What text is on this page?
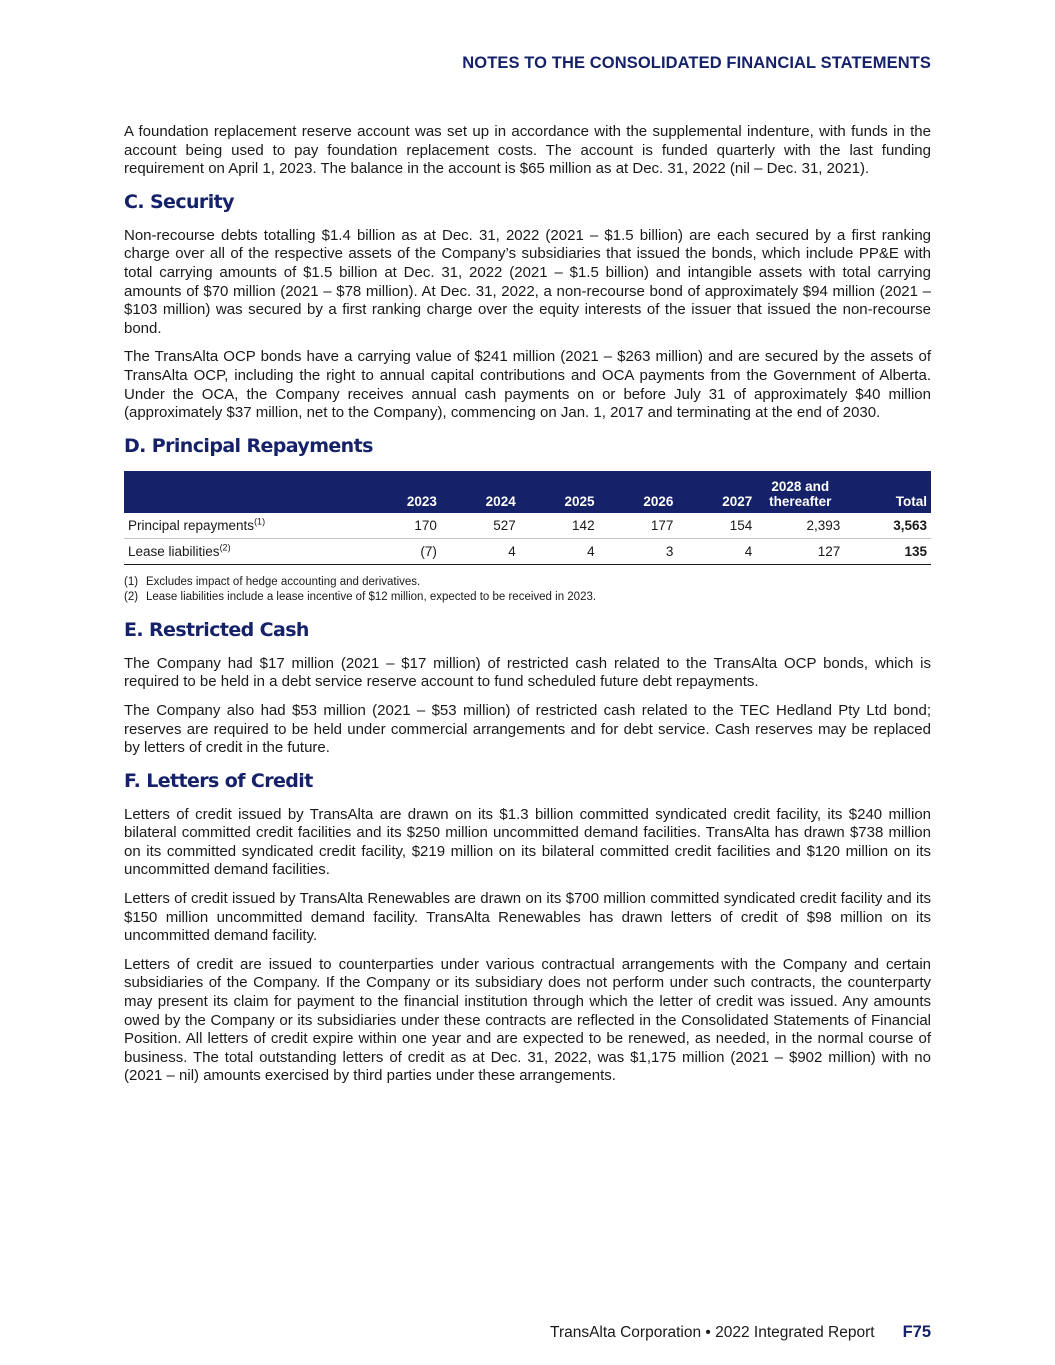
NOTES TO THE CONSOLIDATED FINANCIAL STATEMENTS

A foundation replacement reserve account was set up in accordance with the supplemental indenture, with funds in the account being used to pay foundation replacement costs. The account is funded quarterly with the last funding requirement on April 1, 2023. The balance in the account is $65 million as at Dec. 31, 2022 (nil – Dec. 31, 2021).

C. Security

Non-recourse debts totalling $1.4 billion as at Dec. 31, 2022 (2021 – $1.5 billion) are each secured by a first ranking charge over all of the respective assets of the Company’s subsidiaries that issued the bonds, which include PP&E with total carrying amounts of $1.5 billion at Dec. 31, 2022 (2021 – $1.5 billion) and intangible assets with total carrying amounts of $70 million (2021 – $78 million). At Dec. 31, 2022, a non-recourse bond of approximately $94 million (2021 – $103 million) was secured by a first ranking charge over the equity interests of the issuer that issued the non-recourse bond.

The TransAlta OCP bonds have a carrying value of $241 million (2021 – $263 million) and are secured by the assets of TransAlta OCP, including the right to annual capital contributions and OCA payments from the Government of Alberta. Under the OCA, the Company receives annual cash payments on or before July 31 of approximately $40 million (approximately $37 million, net to the Company), commencing on Jan. 1, 2017 and terminating at the end of 2030.

D. Principal Repayments
	2023	2024	2025	2026	2027	2028 and thereafter	Total
Principal repayments$^{(1)}$	170	527	142	177	154	2,393	3,563
Lease liabilities$^{(2)}$	(7)	4	4	3	4	127	135
(1) Excludes impact of hedge accounting and derivatives.
(2) Lease liabilities include a lease incentive of $12 million, expected to be received in 2023.
E. Restricted Cash

The Company had $17 million (2021 – $17 million) of restricted cash related to the TransAlta OCP bonds, which is required to be held in a debt service reserve account to fund scheduled future debt repayments.

The Company also had $53 million (2021 – $53 million) of restricted cash related to the TEC Hedland Pty Ltd bond; reserves are required to be held under commercial arrangements and for debt service. Cash reserves may be replaced by letters of credit in the future.

F. Letters of Credit

Letters of credit issued by TransAlta are drawn on its $1.3 billion committed syndicated credit facility, its $240 million bilateral committed credit facilities and its $250 million uncommitted demand facilities. TransAlta has drawn $738 million on its committed syndicated credit facility, $219 million on its bilateral committed credit facilities and $120 million on its uncommitted demand facilities.

Letters of credit issued by TransAlta Renewables are drawn on its $700 million committed syndicated credit facility and its $150 million uncommitted demand facility. TransAlta Renewables has drawn letters of credit of $98 million on its uncommitted demand facility.

Letters of credit are issued to counterparties under various contractual arrangements with the Company and certain subsidiaries of the Company. If the Company or its subsidiary does not perform under such contracts, the counterparty may present its claim for payment to the financial institution through which the letter of credit was issued. Any amounts owed by the Company or its subsidiaries under these contracts are reflected in the Consolidated Statements of Financial Position. All letters of credit expire within one year and are expected to be renewed, as needed, in the normal course of business. The total outstanding letters of credit as at Dec. 31, 2022, was $1,175 million (2021 – $902 million) with no (2021 – nil) amounts exercised by third parties under these arrangements.

TransAlta Corporation • 2022 Integrated Report F75
